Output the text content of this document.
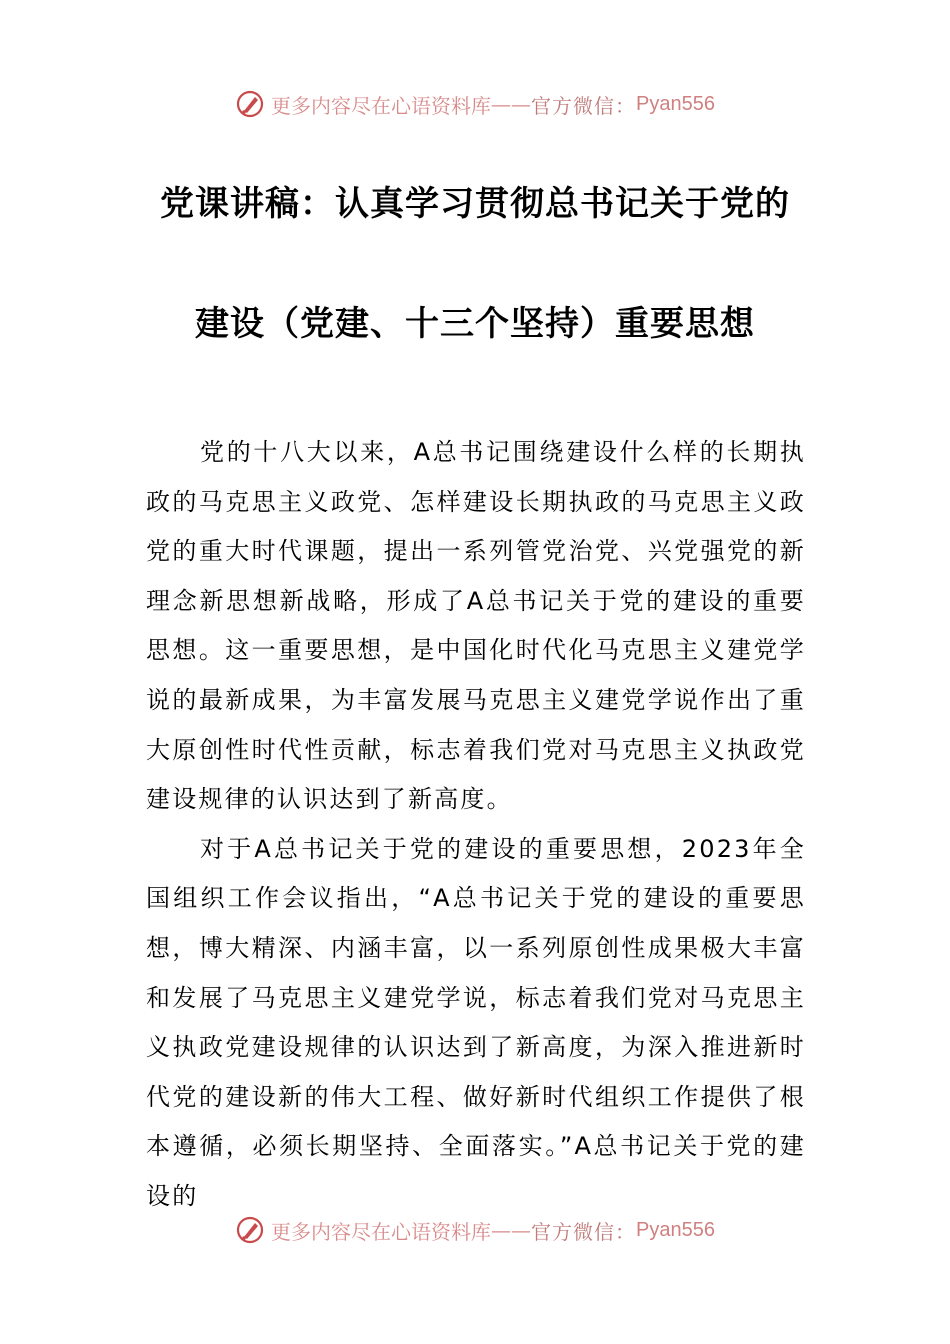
更多内容尽在心语资料库 —— 官方微信： Pyan556
党课讲稿：认真学习贯彻总书记关于党的
建设（党建、十三个坚持）重要思想

党的十八大以来，A总书记围绕建设什么样的长期执政的马克思主义政党、怎样建设长期执政的马克思主义政党的重大时代课题，提出一系列管党治党、兴党强党的新理念新思想新战略，形成了A总书记关于党的建设的重要思想。这一重要思想，是中国化时代化马克思主义建党学说的最新成果，为丰富发展马克思主义建党学说作出了重大原创性时代性贡献，标志着我们党对马克思主义执政党建设规律的认识达到了新高度。

对于A总书记关于党的建设的重要思想，2023年全国组织工作会议指出，“A总书记关于党的建设的重要思想，博大精深、内涵丰富，以一系列原创性成果极大丰富和发展了马克思主义建党学说，标志着我们党对马克思主义执政党建设规律的认识达到了新高度，为深入推进新时代党的建设新的伟大工程、做好新时代组织工作提供了根本遵循，必须长期坚持、全面落实。”A总书记关于党的建设的

更多内容尽在心语资料库 —— 官方微信： Pyan556
